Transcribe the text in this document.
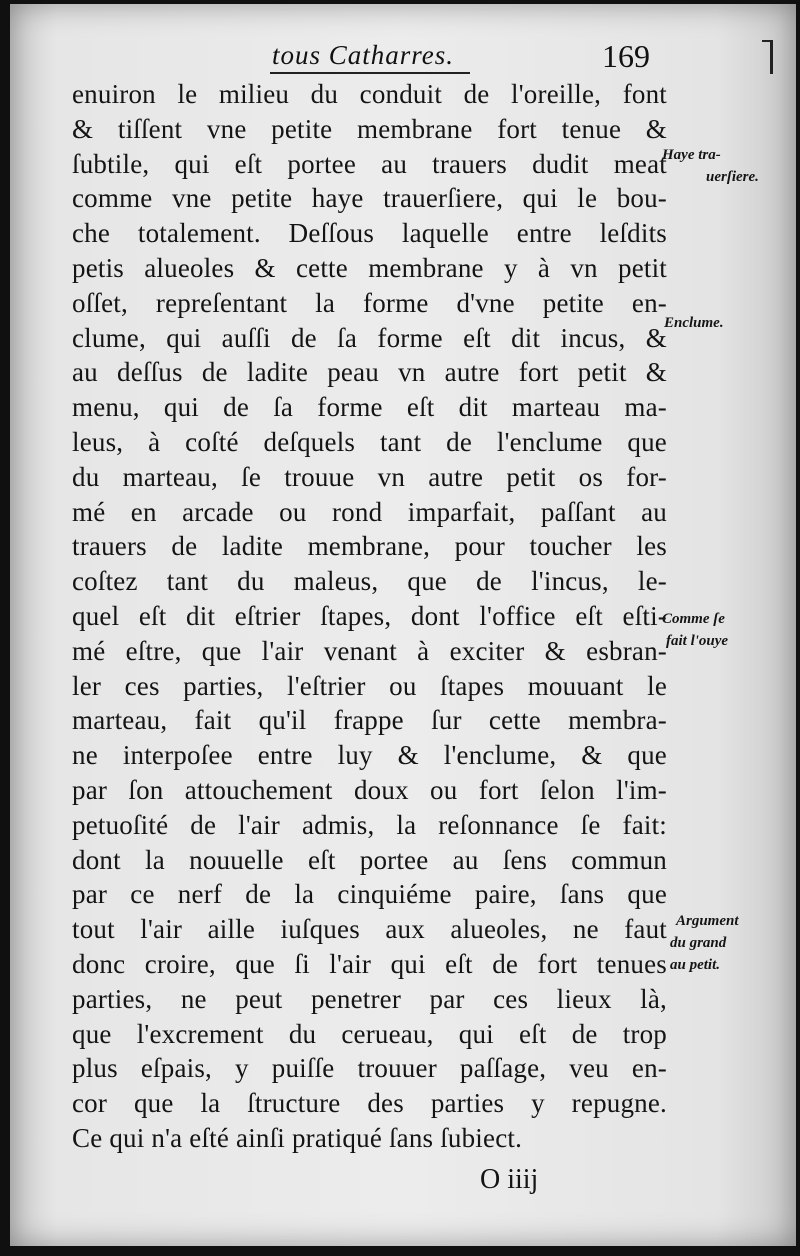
tous Catharres.	169
enuiron le milieu du conduit de l'oreille, font
& tiſſent vne petite membrane fort tenue &
ſubtile, qui eſt portee au trauers dudit meat
comme vne petite haye trauerſiere, qui le bou-
che totalement. Deſſous laquelle entre leſdits
petis alueoles & cette membrane y à vn petit
oſſet, repreſentant la forme d'vne petite en-
clume, qui auſſi de ſa forme eſt dit incus, &
au deſſus de ladite peau vn autre fort petit &
menu, qui de ſa forme eſt dit marteau ma-
leus, à coſté deſquels tant de l'enclume que
du marteau, ſe trouue vn autre petit os for-
mé en arcade ou rond imparfait, paſſant au
trauers de ladite membrane, pour toucher les
coſtez tant du maleus, que de l'incus, le-
quel eſt dit eſtrier ſtapes, dont l'office eſt eſti-
mé eſtre, que l'air venant à exciter & esbran-
ler ces parties, l'eſtrier ou ſtapes mouuant le
marteau, fait qu'il frappe ſur cette membra-
ne interpoſee entre luy & l'enclume, & que
par ſon attouchement doux ou fort ſelon l'im-
petuoſité de l'air admis, la reſonnance ſe fait:
dont la nouuelle eſt portee au ſens commun
par ce nerf de la cinquiéme paire, ſans que
tout l'air aille iuſques aux alueoles, ne faut
donc croire, que ſi l'air qui eſt de fort tenues
parties, ne peut penetrer par ces lieux là,
que l'excrement du cerueau, qui eſt de trop
plus eſpais, y puiſſe trouuer paſſage, veu en-
cor que la ſtructure des parties y repugne.
Ce qui n'a eſté ainſi pratiqué ſans ſubiect.
Haye tra-
uerſiere.
Enclume.
Comme ſe
fait l'ouye
Argument
du grand
au petit.
O iiij
